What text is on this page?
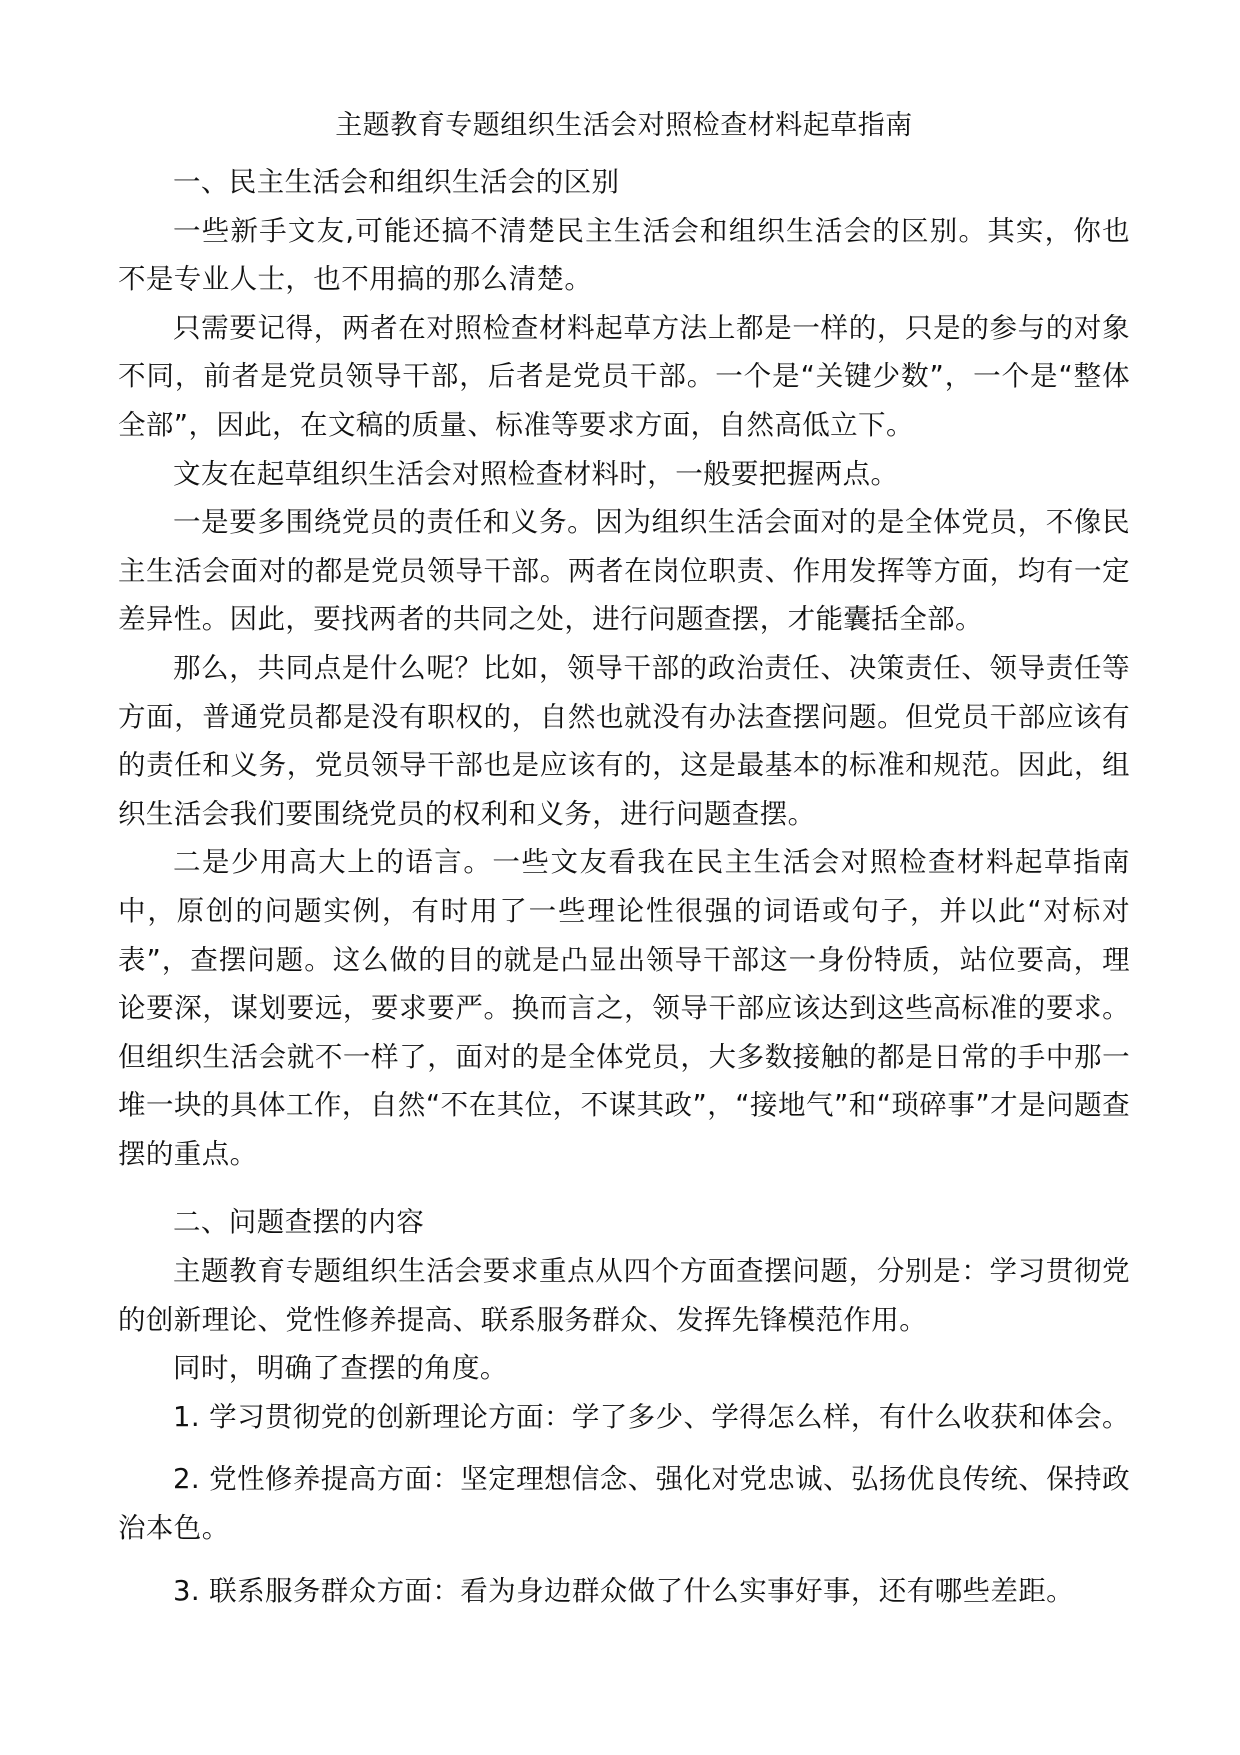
主题教育专题组织生活会对照检查材料起草指南

一、民主生活会和组织生活会的区别

一些新手文友,可能还搞不清楚民主生活会和组织生活会的区别。其实，你也不是专业人士，也不用搞的那么清楚。

只需要记得，两者在对照检查材料起草方法上都是一样的，只是的参与的对象不同，前者是党员领导干部，后者是党员干部。一个是“关键少数”，一个是“整体全部”，因此，在文稿的质量、标准等要求方面，自然高低立下。

文友在起草组织生活会对照检查材料时，一般要把握两点。

一是要多围绕党员的责任和义务。因为组织生活会面对的是全体党员，不像民主生活会面对的都是党员领导干部。两者在岗位职责、作用发挥等方面，均有一定差异性。因此，要找两者的共同之处，进行问题查摆，才能囊括全部。

那么，共同点是什么呢？比如，领导干部的政治责任、决策责任、领导责任等方面，普通党员都是没有职权的，自然也就没有办法查摆问题。但党员干部应该有的责任和义务，党员领导干部也是应该有的，这是最基本的标准和规范。因此，组织生活会我们要围绕党员的权利和义务，进行问题查摆。

二是少用高大上的语言。一些文友看我在民主生活会对照检查材料起草指南中，原创的问题实例，有时用了一些理论性很强的词语或句子，并以此“对标对表”，查摆问题。这么做的目的就是凸显出领导干部这一身份特质，站位要高，理论要深，谋划要远，要求要严。换而言之，领导干部应该达到这些高标准的要求。但组织生活会就不一样了，面对的是全体党员，大多数接触的都是日常的手中那一堆一块的具体工作，自然“不在其位，不谋其政”，“接地气”和“琐碎事”才是问题查摆的重点。

二、问题查摆的内容

主题教育专题组织生活会要求重点从四个方面查摆问题，分别是：学习贯彻党的创新理论、党性修养提高、联系服务群众、发挥先锋模范作用。

同时，明确了查摆的角度。

1. 学习贯彻党的创新理论方面：学了多少、学得怎么样，有什么收获和体会。

2. 党性修养提高方面：坚定理想信念、强化对党忠诚、弘扬优良传统、保持政治本色。

3. 联系服务群众方面：看为身边群众做了什么实事好事，还有哪些差距。
